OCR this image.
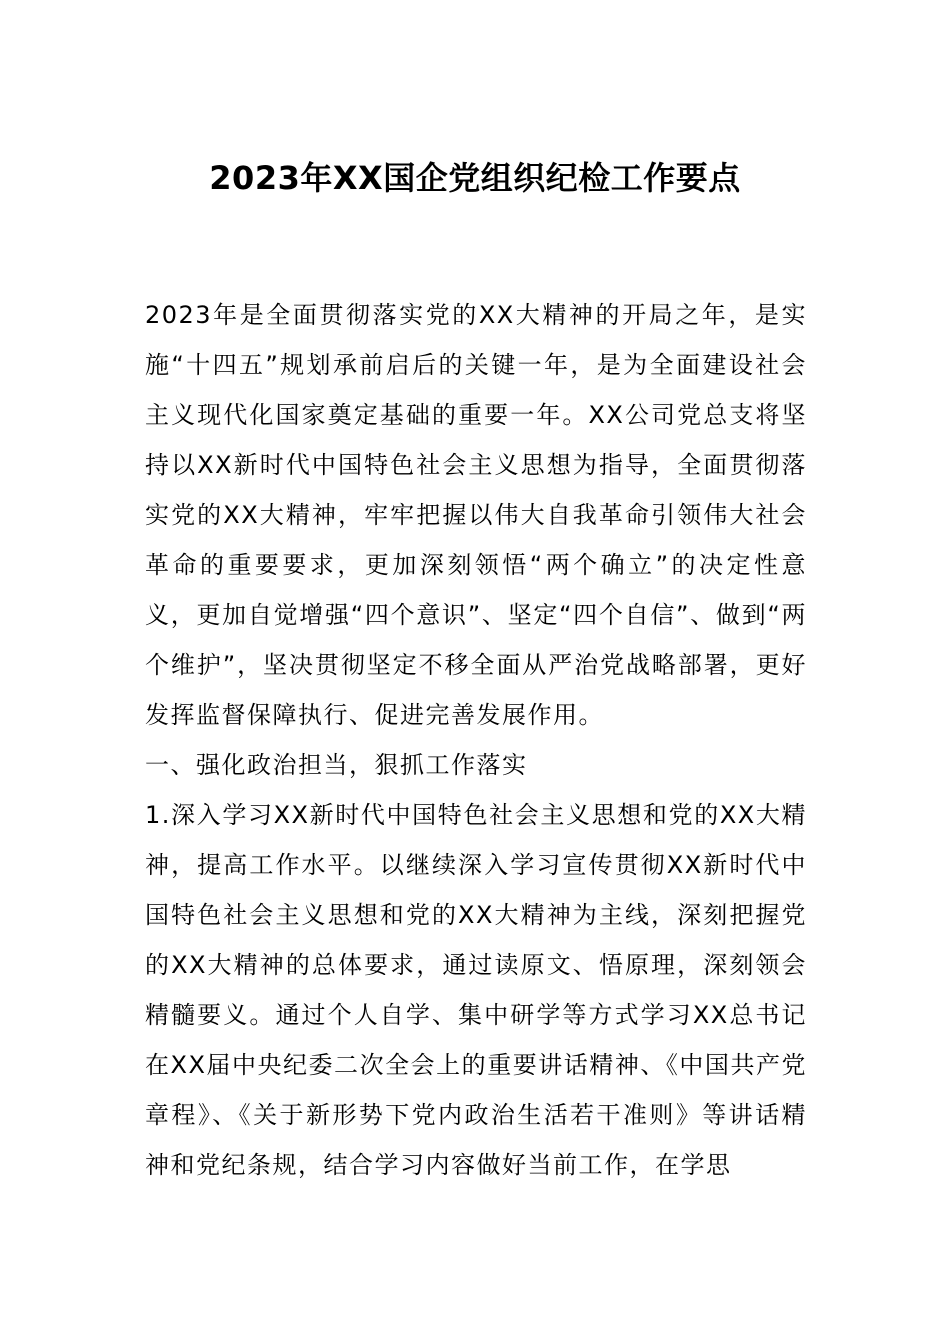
2023年XX国企党组织纪检工作要点

2023年是全面贯彻落实党的XX大精神的开局之年，是实施“十四五”规划承前启后的关键一年，是为全面建设社会主义现代化国家奠定基础的重要一年。XX公司党总支将坚持以XX新时代中国特色社会主义思想为指导，全面贯彻落实党的XX大精神，牢牢把握以伟大自我革命引领伟大社会革命的重要要求，更加深刻领悟“两个确立”的决定性意义，更加自觉增强“四个意识”、坚定“四个自信”、做到“两个维护”，坚决贯彻坚定不移全面从严治党战略部署，更好发挥监督保障执行、促进完善发展作用。

一、强化政治担当，狠抓工作落实

1.深入学习XX新时代中国特色社会主义思想和党的XX大精神，提高工作水平。以继续深入学习宣传贯彻XX新时代中国特色社会主义思想和党的XX大精神为主线，深刻把握党的XX大精神的总体要求，通过读原文、悟原理，深刻领会精髓要义。通过个人自学、集中研学等方式学习XX总书记在XX届中央纪委二次全会上的重要讲话精神、《中国共产党章程》、《关于新形势下党内政治生活若干准则》等讲话精神和党纪条规，结合学习内容做好当前工作，在学思
